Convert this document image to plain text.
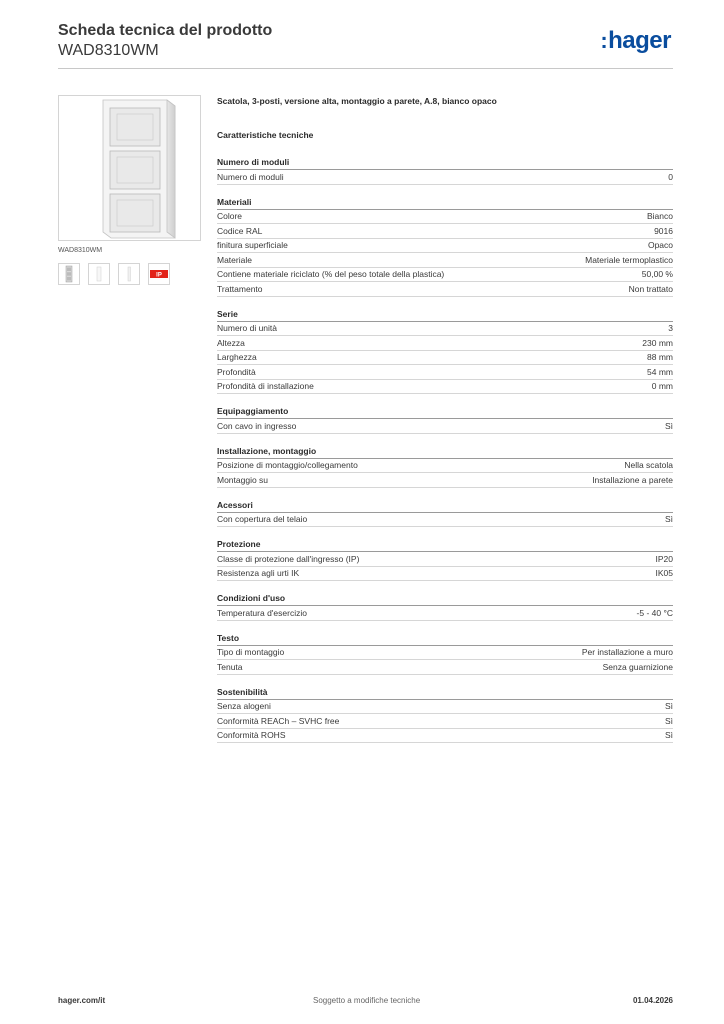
Scheda tecnica del prodotto
WAD8310WM	:hager
WAD8310WM
IP
Scatola, 3-posti, versione alta, montaggio a parete, A.8, bianco opaco
Caratteristiche tecniche
Numero di moduli
Numero di moduli	0
Materiali
Colore	Bianco
Codice RAL	9016
finitura superficiale	Opaco
Materiale	Materiale termoplastico
Contiene materiale riciclato (% del peso totale della plastica)	50,00 %
Trattamento	Non trattato
Serie
Numero di unità	3
Altezza	230 mm
Larghezza	88 mm
Profondità	54 mm
Profondità di installazione	0 mm
Equipaggiamento
Con cavo in ingresso	Sì
Installazione, montaggio
Posizione di montaggio/collegamento	Nella scatola
Montaggio su	Installazione a parete
Acessori
Con copertura del telaio	Sì
Protezione
Classe di protezione dall'ingresso (IP)	IP20
Resistenza agli urti IK	IK05
Condizioni d'uso
Temperatura d'esercizio	-5 - 40 °C
Testo
Tipo di montaggio	Per installazione a muro
Tenuta	Senza guarnizione
Sostenibilità
Senza alogeni	Sì
Conformità REACh – SVHC free	Sì
Conformità ROHS	Sì
hager.com/it	Soggetto a modifiche tecniche	01.04.2026
